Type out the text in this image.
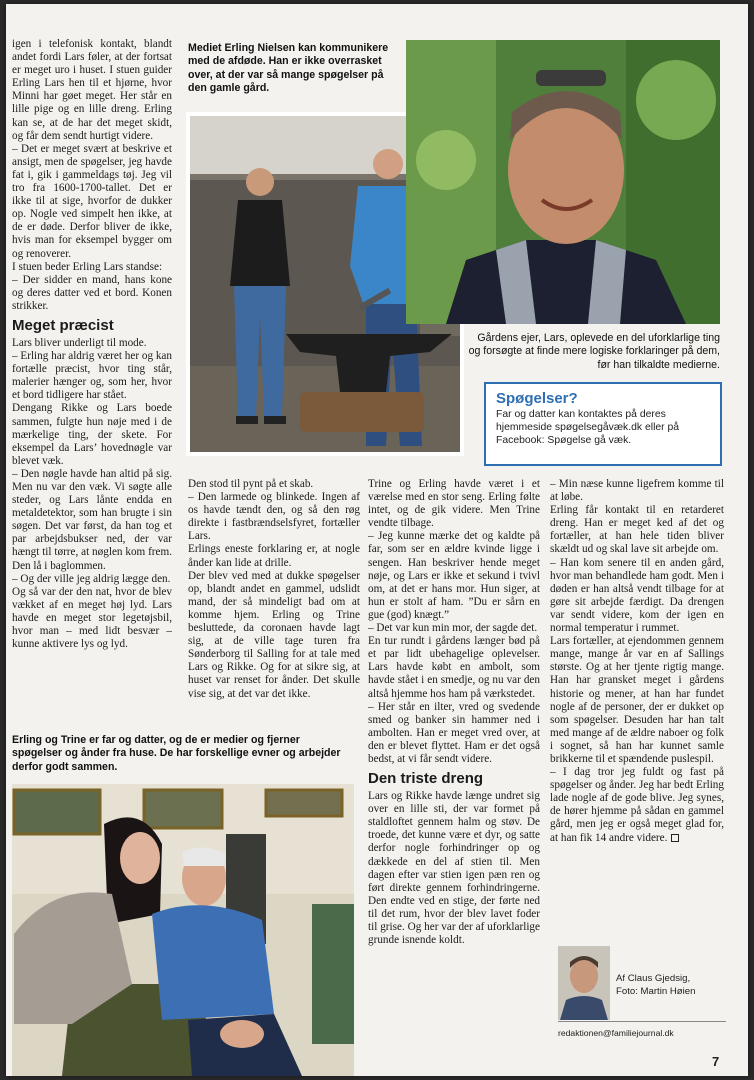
igen i telefonisk kontakt, blandt andet fordi Lars føler, at der fortsat er meget uro i huset. I stuen guider Erling Lars hen til et hjørne, hvor Minni har gøet meget. Her står en lille pige og en lille dreng. Erling kan se, at de har det meget skidt, og får dem sendt hurtigt videre.

– Det er meget svært at beskrive et ansigt, men de spøgelser, jeg havde fat i, gik i gammeldags tøj. Jeg vil tro fra 1600-1700-tallet. Det er ikke til at sige, hvorfor de dukker op. Nogle ved simpelt hen ikke, at de er døde. Derfor bliver de ikke, hvis man for eksempel bygger om og renoverer.

I stuen beder Erling Lars standse:

– Der sidder en mand, hans kone og deres datter ved et bord. Konen strikker.

Meget præcist

Lars bliver underligt til mode.

– Erling har aldrig været her og kan fortælle præcist, hvor ting står, malerier hænger og, som her, hvor et bord tidligere har stået.

Dengang Rikke og Lars boede sammen, fulgte hun nøje med i de mærkelige ting, der skete. For eksempel da Lars’ hovednøgle var blevet væk.

– Den nøgle havde han altid på sig. Men nu var den væk. Vi søgte alle steder, og Lars lånte endda en metaldetektor, som han brugte i sin søgen. Det var først, da han tog et par arbejdsbukser ned, der var hængt til tørre, at nøglen kom frem. Den lå i baglommen.

– Og der ville jeg aldrig lægge den.

Og så var der den nat, hvor de blev vækket af en meget høj lyd. Lars havde en meget stor legetøjsbil, hvor man – med lidt besvær – kunne aktivere lys og lyd.

Mediet Erling Nielsen kan kommunikere med de afdøde. Han er ikke overrasket over, at der var så mange spøgelser på den gamle gård.
Gårdens ejer, Lars, oplevede en del uforklarlige ting og forsøgte at finde mere logiske forklaringer på dem, før han tilkaldte medierne.
Spøgelser?

Far og datter kan kontaktes på deres hjemmeside spøgelsegåvæk.dk eller på Facebook: Spøgelse gå væk.

Den stod til pynt på et skab.

– Den larmede og blinkede. Ingen af os havde tændt den, og så den røg direkte i fastbrændselsfyret, fortæller Lars.

Erlings eneste forklaring er, at nogle ånder kan lide at drille.

Der blev ved med at dukke spøgelser op, blandt andet en gammel, udslidt mand, der så mindeligt bad om at komme hjem. Erling og Trine besluttede, da coronaen havde lagt sig, at de ville tage turen fra Sønderborg til Salling for at tale med Lars og Rikke. Og for at sikre sig, at huset var renset for ånder. Det skulle vise sig, at det var det ikke.

Trine og Erling havde været i et værelse med en stor seng. Erling følte intet, og de gik videre. Men Trine vendte tilbage.

– Jeg kunne mærke det og kaldte på far, som ser en ældre kvinde ligge i sengen. Han beskriver hende meget nøje, og Lars er ikke et sekund i tvivl om, at det er hans mor. Hun siger, at hun er stolt af ham. ”Du er sårn en gue (god) knægt.”

– Det var kun min mor, der sagde det.

En tur rundt i gårdens længer bød på et par lidt ubehagelige oplevelser. Lars havde købt en ambolt, som havde stået i en smedje, og nu var den altså hjemme hos ham på værkstedet.

– Her står en ilter, vred og svedende smed og banker sin hammer ned i ambolten. Han er meget vred over, at den er blevet flyttet. Ham er det også bedst, at vi får sendt videre.

Den triste dreng

Lars og Rikke havde længe undret sig over en lille sti, der var formet på staldloftet gennem halm og støv. De troede, det kunne være et dyr, og satte derfor nogle forhindringer op og dækkede en del af stien til. Men dagen efter var stien igen pæn ren og ført direkte gennem forhindringerne. Den endte ved en stige, der førte ned til det rum, hvor der blev lavet foder til grise. Og her var der af uforklarlige grunde isnende koldt.

– Min næse kunne ligefrem komme til at løbe.

Erling får kontakt til en retarderet dreng. Han er meget ked af det og fortæller, at han hele tiden bliver skældt ud og skal lave sit arbejde om.

– Han kom senere til en anden gård, hvor man behandlede ham godt. Men i døden er han altså vendt tilbage for at gøre sit arbejde færdigt. Da drengen var sendt videre, kom der igen en normal temperatur i rummet.

Lars fortæller, at ejendommen gennem mange, mange år var en af Sallings største. Og at her tjente rigtig mange. Han har gransket meget i gårdens historie og mener, at han har fundet nogle af de personer, der er dukket op som spøgelser. Desuden har han talt med mange af de ældre naboer og folk i sognet, så han har kunnet samle brikkerne til et spændende puslespil.

– I dag tror jeg fuldt og fast på spøgelser og ånder. Jeg har bedt Erling lade nogle af de gode blive. Jeg synes, de hører hjemme på sådan en gammel gård, men jeg er også meget glad for, at han fik 14 andre videre.

Erling og Trine er far og datter, og de er medier og fjerner spøgelser og ånder fra huse. De har forskellige evner og arbejder derfor godt sammen.
Af Claus Gjedsig,
Foto: Martin Høien
redaktionen@familiejournal.dk
7
